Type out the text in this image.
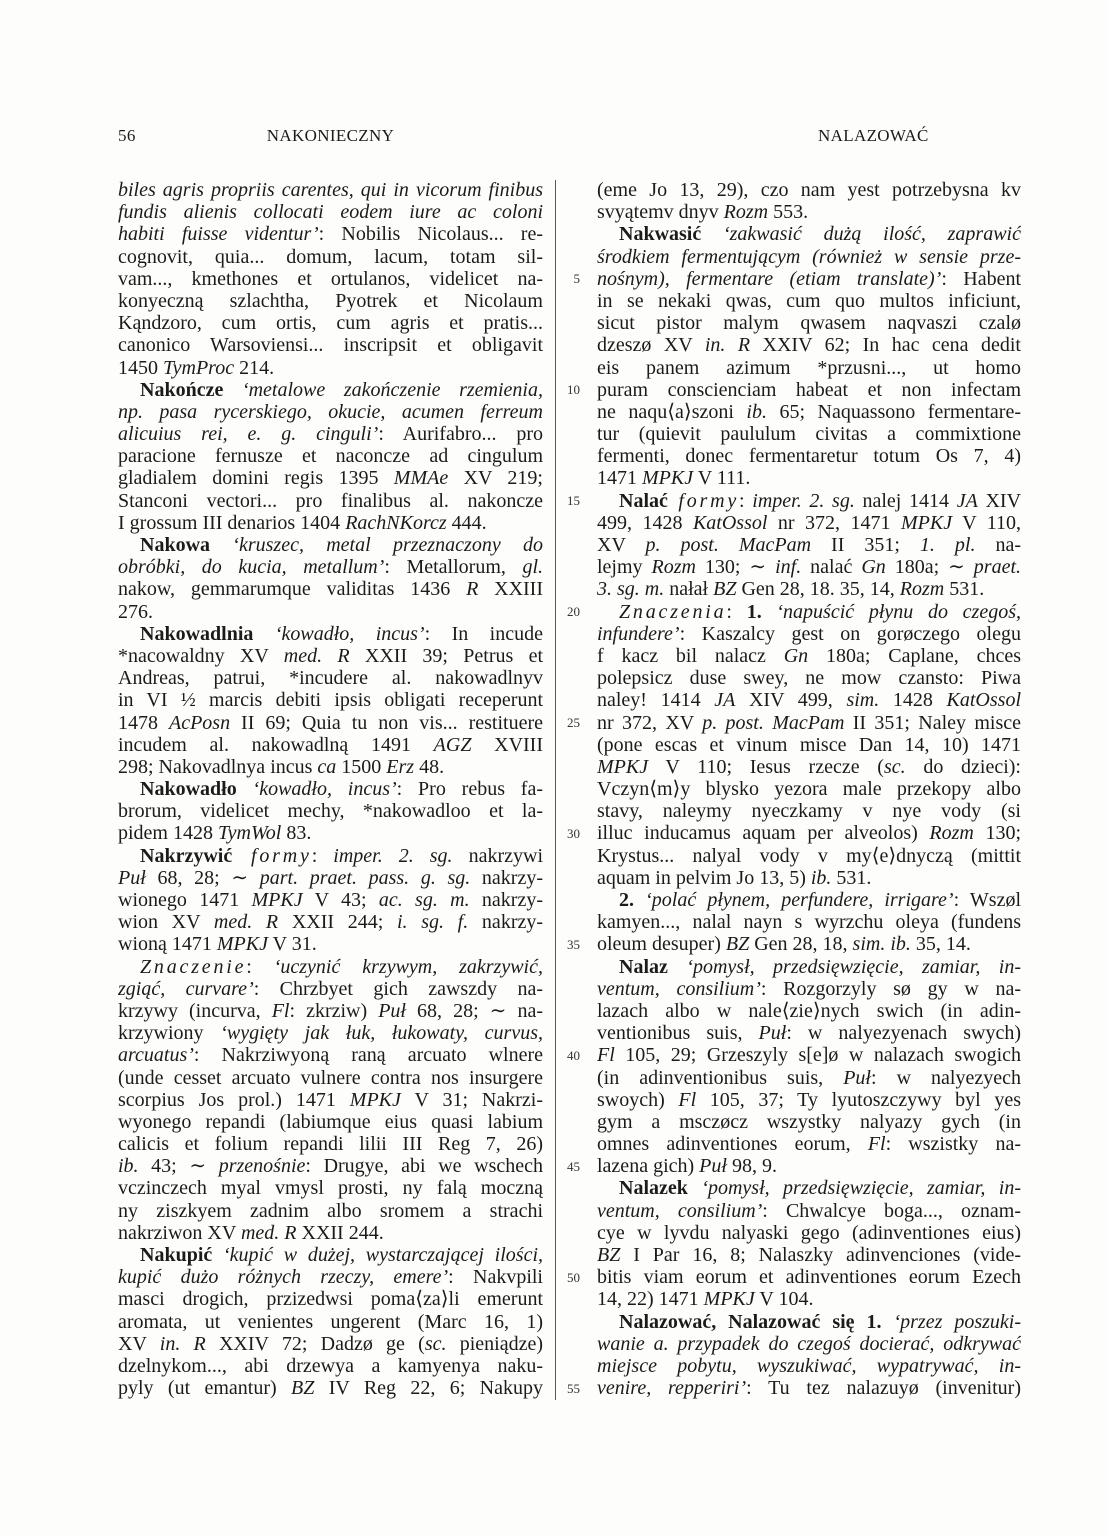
56	NAKONIECZNY	NALAZOWAĆ
biles agris propriis carentes, qui in vicorum finibus
fundis alienis collocati eodem iure ac coloni
habiti fuisse videntur’: Nobilis Nicolaus... re-
cognovit, quia... domum, lacum, totam sil-
vam..., kmethones et ortulanos, videlicet na-
konyeczną szlachtha, Pyotrek et Nicolaum
Kąndzoro, cum ortis, cum agris et pratis...
canonico Warsoviensi... inscripsit et obligavit
1450 TymProc 214.
Nakończe ‘metalowe zakończenie rzemienia,
np. pasa rycerskiego, okucie, acumen ferreum
alicuius rei, e. g. cinguli’: Aurifabro... pro
paracione fernusze et naconcze ad cingulum
gladialem domini regis 1395 MMAe XV 219;
Stanconi vectori... pro finalibus al. nakoncze
I grossum III denarios 1404 RachNKorcz 444.
Nakowa ‘kruszec, metal przeznaczony do
obróbki, do kucia, metallum’: Metallorum, gl.
nakow, gemmarumque validitas 1436 R XXIII
276.
Nakowadlnia ‘kowadło, incus’: In incude
*nacowaldny XV med. R XXII 39; Petrus et
Andreas, patrui, *incudere al. nakowadlnyv
in VI ½ marcis debiti ipsis obligati receperunt
1478 AcPosn II 69; Quia tu non vis... restituere
incudem al. nakowadlną 1491 AGZ XVIII
298; Nakovadlnya incus ca 1500 Erz 48.
Nakowadło ‘kowadło, incus’: Pro rebus fa-
brorum, videlicet mechy, *nakowadloo et la-
pidem 1428 TymWol 83.
Nakrzywić formy: imper. 2. sg. nakrzywi
Puł 68, 28; ∼ part. praet. pass. g. sg. nakrzy-
wionego 1471 MPKJ V 43; ac. sg. m. nakrzy-
wion XV med. R XXII 244; i. sg. f. nakrzy-
wioną 1471 MPKJ V 31.
Znaczenie: ‘uczynić krzywym, zakrzywić,
zgiąć, curvare’: Chrzbyet gich zawszdy na-
krzywy (incurva, Fl: zkrziw) Puł 68, 28; ∼ na-
krzywiony ‘wygięty jak łuk, łukowaty, curvus,
arcuatus’: Nakrziwyoną raną arcuato wlnere
(unde cesset arcuato vulnere contra nos insurgere
scorpius Jos prol.) 1471 MPKJ V 31; Nakrzi-
wyonego repandi (labiumque eius quasi labium
calicis et folium repandi lilii III Reg 7, 26)
ib. 43; ∼ przenośnie: Drugye, abi we wschech
vczinczech myal vmysl prosti, ny falą moczną
ny ziszkyem zadnim albo sromem a strachi
nakrziwon XV med. R XXII 244.
Nakupić ‘kupić w dużej, wystarczającej ilości,
kupić dużo różnych rzeczy, emere’: Nakvpili
masci drogich, przizedwsi poma⟨za⟩li emerunt
aromata, ut venientes ungerent (Marc 16, 1)
XV in. R XXIV 72; Dadzø ge (sc. pieniądze)
dzelnykom..., abi drzewya a kamyenya naku-
pyly (ut emantur) BZ IV Reg 22, 6; Nakupy
5
10
15
20
25
30
35
40
45
50
55
(eme Jo 13, 29), czo nam yest potrzebysna kv
svyątemv dnyv Rozm 553.
Nakwasić ‘zakwasić dużą ilość, zaprawić
środkiem fermentującym (również w sensie prze-
nośnym), fermentare (etiam translate)’: Habent
in se nekaki qwas, cum quo multos inficiunt,
sicut pistor malym qwasem naqvaszi czalø
dzeszø XV in. R XXIV 62; In hac cena dedit
eis panem azimum *przusni..., ut homo
puram conscienciam habeat et non infectam
ne naqu⟨a⟩szoni ib. 65; Naquassono fermentare-
tur (quievit paululum civitas a commixtione
fermenti, donec fermentaretur totum Os 7, 4)
1471 MPKJ V 111.
Nalać formy: imper. 2. sg. nalej 1414 JA XIV
499, 1428 KatOssol nr 372, 1471 MPKJ V 110,
XV p. post. MacPam II 351; 1. pl. na-
lejmy Rozm 130; ∼ inf. nalać Gn 180a; ∼ praet.
3. sg. m. nałał BZ Gen 28, 18. 35, 14, Rozm 531.
Znaczenia: 1. ‘napuścić płynu do czegoś,
infundere’: Kaszalcy gest on gorøczego olegu
f kacz bil nalacz Gn 180a; Caplane, chces
polepsicz duse swey, ne mow czansto: Piwa
naley! 1414 JA XIV 499, sim. 1428 KatOssol
nr 372, XV p. post. MacPam II 351; Naley misce
(pone escas et vinum misce Dan 14, 10) 1471
MPKJ V 110; Iesus rzecze (sc. do dzieci):
Vczyn⟨m⟩y blysko yezora male przekopy albo
stavy, naleymy nyeczkamy v nye vody (si
illuc inducamus aquam per alveolos) Rozm 130;
Krystus... nalyal vody v my⟨e⟩dnyczą (mittit
aquam in pelvim Jo 13, 5) ib. 531.
2. ‘polać płynem, perfundere, irrigare’: Wszøl
kamyen..., nalal nayn s wyrzchu oleya (fundens
oleum desuper) BZ Gen 28, 18, sim. ib. 35, 14.
Nalaz ‘pomysł, przedsięwzięcie, zamiar, in-
ventum, consilium’: Rozgorzyly sø gy w na-
lazach albo w nale⟨zie⟩nych swich (in adin-
ventionibus suis, Puł: w nalyezyenach swych)
Fl 105, 29; Grzeszyly s[e]ø w nalazach swogich
(in adinventionibus suis, Puł: w nalyezyech
swoych) Fl 105, 37; Ty lyutoszczywy byl yes
gym a msczøcz wszystky nalyazy gych (in
omnes adinventiones eorum, Fl: wszistky na-
lazena gich) Puł 98, 9.
Nalazek ‘pomysł, przedsięwzięcie, zamiar, in-
ventum, consilium’: Chwalcye boga..., oznam-
cye w lyvdu nalyaski gego (adinventiones eius)
BZ I Par 16, 8; Nalaszky adinvenciones (vide-
bitis viam eorum et adinventiones eorum Ezech
14, 22) 1471 MPKJ V 104.
Nalazować, Nalazować się 1. ‘przez poszuki-
wanie a. przypadek do czegoś docierać, odkrywać
miejsce pobytu, wyszukiwać, wypatrywać, in-
venire, repperiri’: Tu tez nalazuyø (invenitur)
